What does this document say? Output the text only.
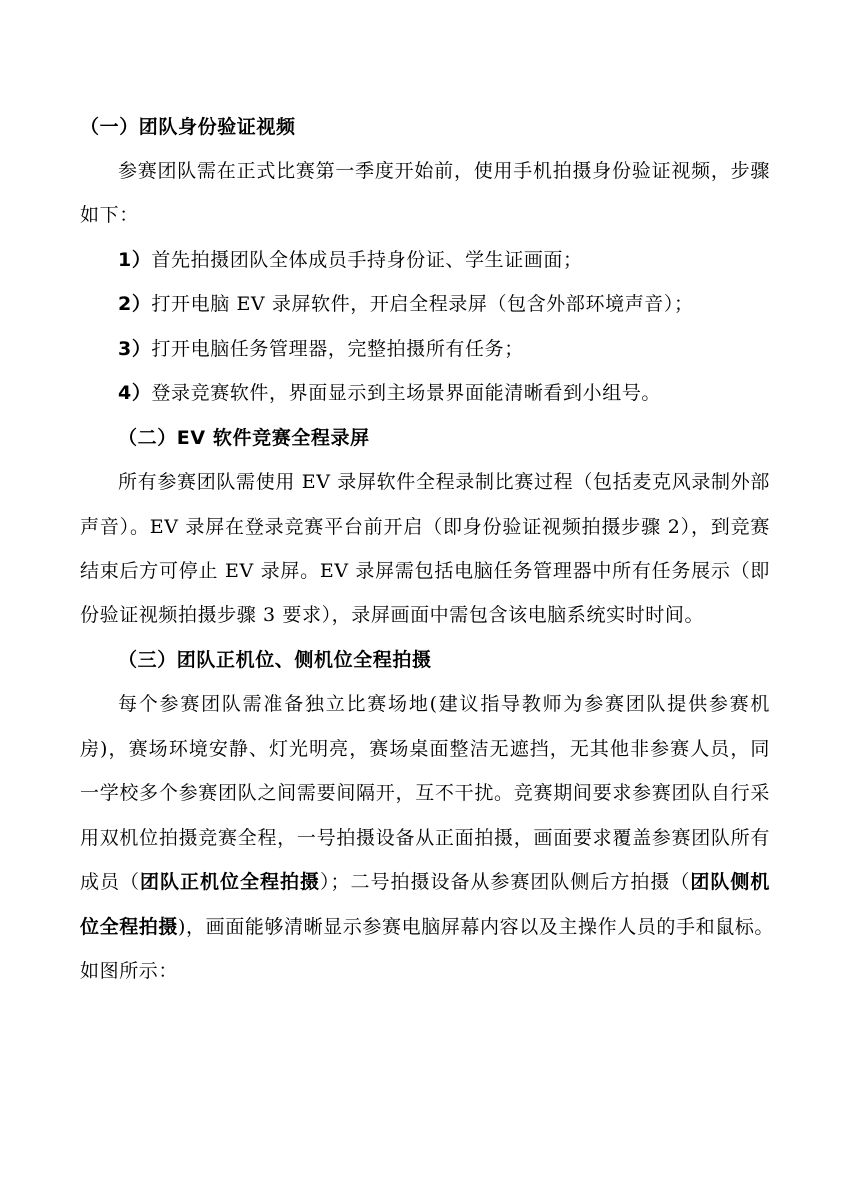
（一）团队身份验证视频
参赛团队需在正式比赛第一季度开始前，使用手机拍摄身份验证视频，步骤
如下：
1）首先拍摄团队全体成员手持身份证、学生证画面；
2）打开电脑 EV 录屏软件，开启全程录屏（包含外部环境声音）；
3）打开电脑任务管理器，完整拍摄所有任务；
4）登录竞赛软件，界面显示到主场景界面能清晰看到小组号。
（二）EV 软件竞赛全程录屏
所有参赛团队需使用 EV 录屏软件全程录制比赛过程（包括麦克风录制外部
声音）。EV 录屏在登录竞赛平台前开启（即身份验证视频拍摄步骤 2），到竞赛
结束后方可停止 EV 录屏。EV 录屏需包括电脑任务管理器中所有任务展示（即
份验证视频拍摄步骤 3 要求），录屏画面中需包含该电脑系统实时时间。
（三）团队正机位、侧机位全程拍摄
每个参赛团队需准备独立比赛场地(建议指导教师为参赛团队提供参赛机
房)，赛场环境安静、灯光明亮，赛场桌面整洁无遮挡，无其他非参赛人员，同
一学校多个参赛团队之间需要间隔开，互不干扰。竞赛期间要求参赛团队自行采
用双机位拍摄竞赛全程，一号拍摄设备从正面拍摄，画面要求覆盖参赛团队所有
成员（团队正机位全程拍摄）；二号拍摄设备从参赛团队侧后方拍摄（团队侧机
位全程拍摄)，画面能够清晰显示参赛电脑屏幕内容以及主操作人员的手和鼠标。
如图所示：
